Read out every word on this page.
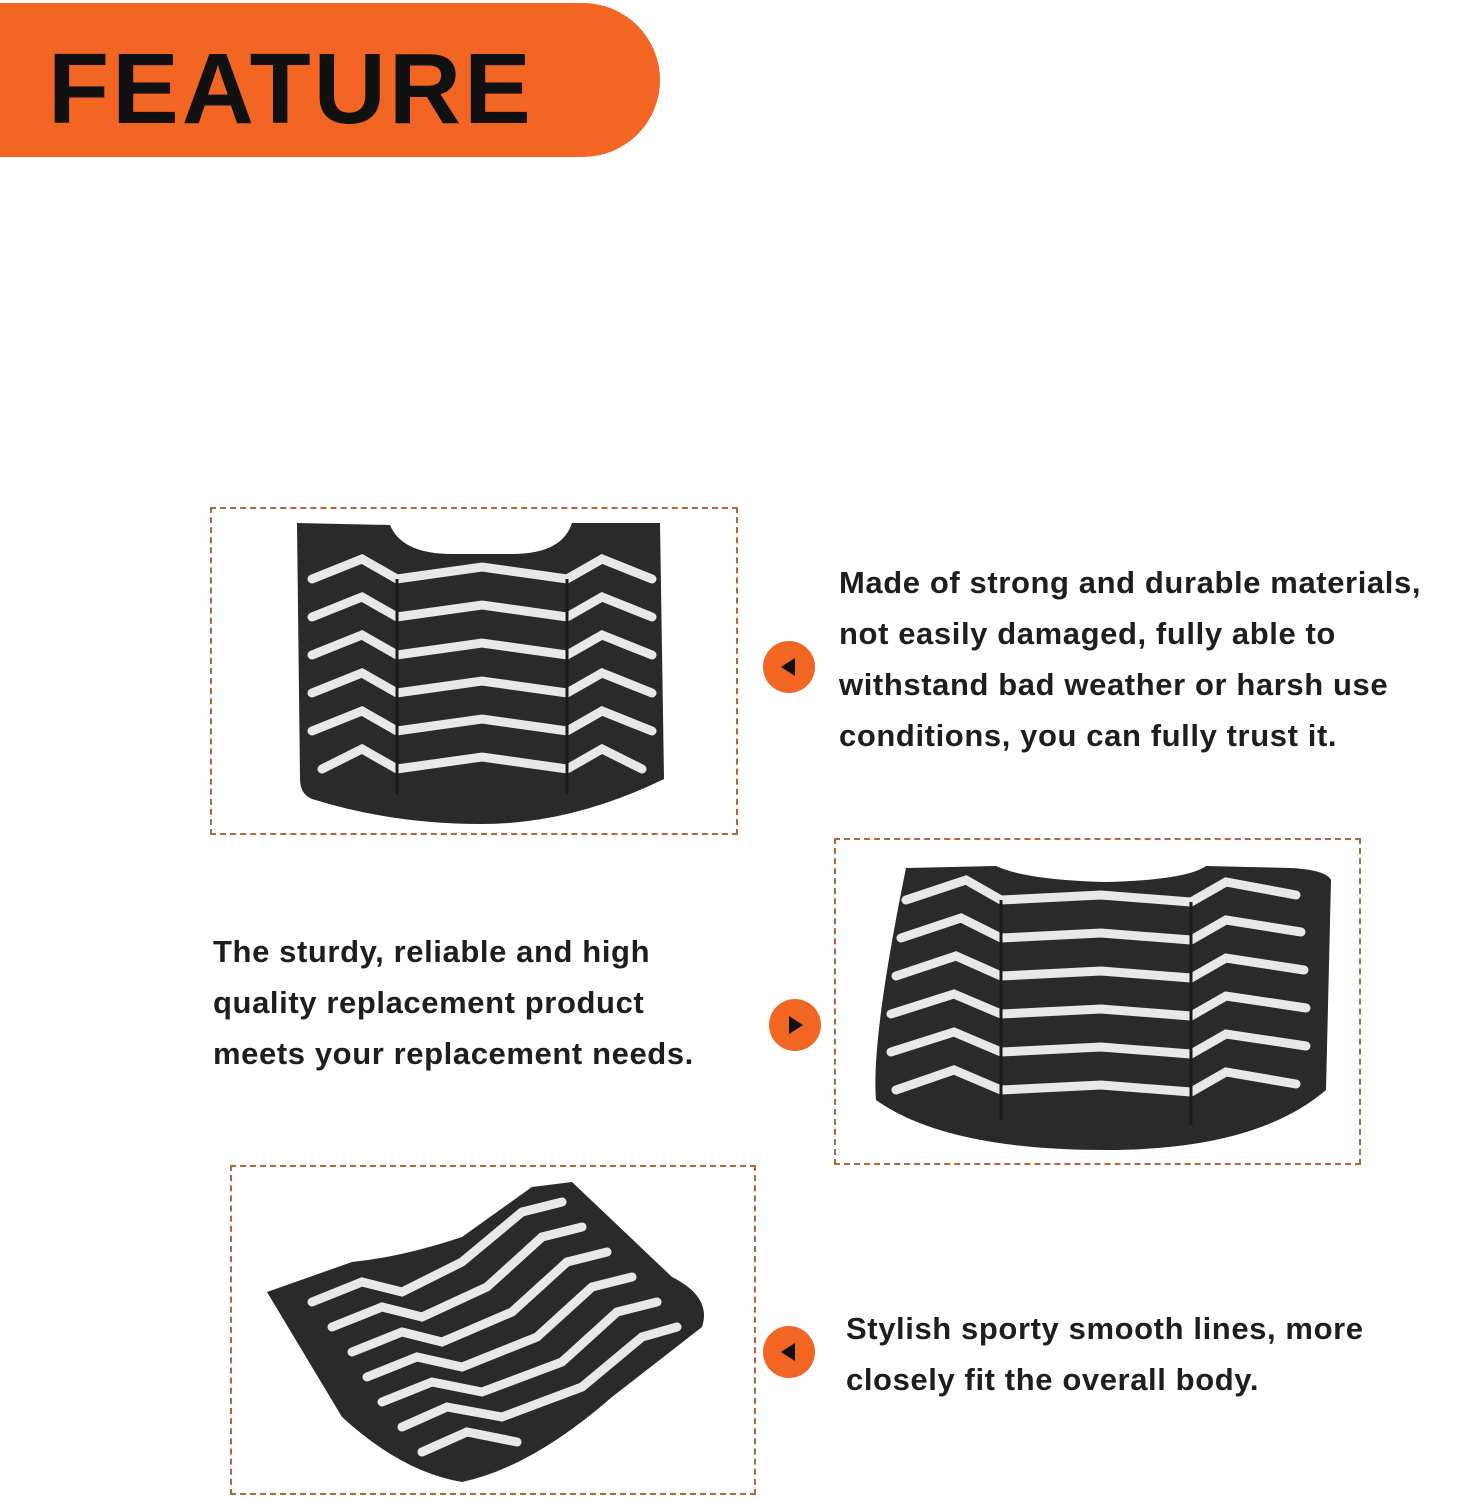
FEATURE

Made of strong and durable materials,
not easily damaged, fully able to
withstand bad weather or harsh use
conditions, you can fully trust it.

The sturdy, reliable and high
quality replacement product
meets your replacement needs.

Stylish sporty smooth lines, more
closely fit the overall body.
